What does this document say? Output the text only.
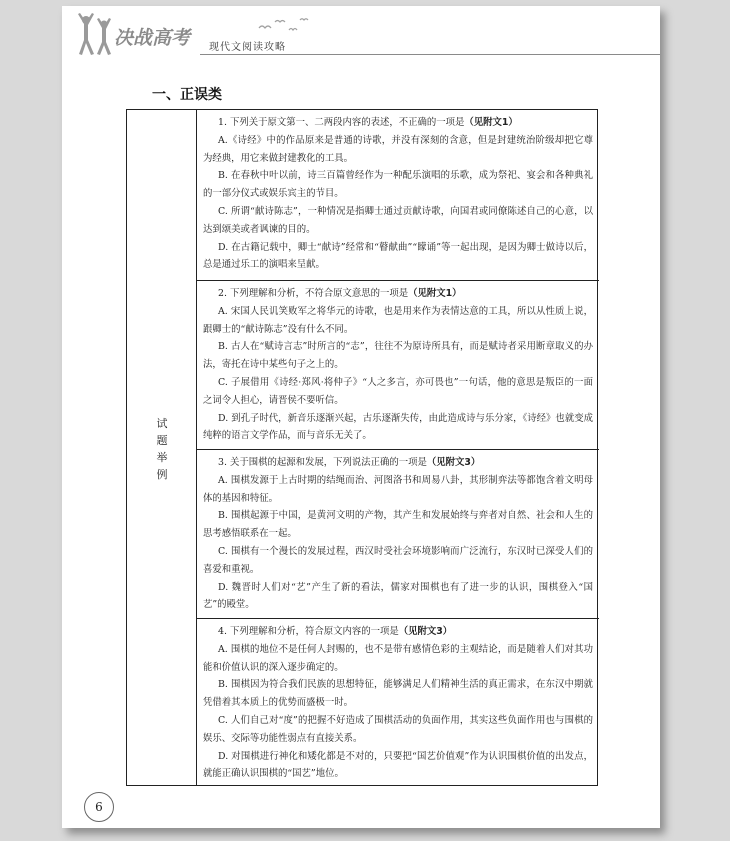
决战高考 现代文阅读攻略
一、正误类
试
题
举
例

1. 下列关于原文第一、二两段内容的表述，不正确的一项是（见附文1）

A.《诗经》中的作品原来是普通的诗歌，并没有深刻的含意，但是封建统治阶级却把它尊为经典，用它来做封建教化的工具。

B. 在春秋中叶以前，诗三百篇曾经作为一种配乐演唱的乐歌，成为祭祀、宴会和各种典礼的一部分仪式或娱乐宾主的节目。

C. 所谓“献诗陈志”，一种情况是指卿士通过贡献诗歌，向国君或同僚陈述自己的心意，以达到颂美或者讽谏的目的。

D. 在古籍记载中，卿士“献诗”经常和“瞽献曲”“矇诵”等一起出现，是因为卿士做诗以后，总是通过乐工的演唱来呈献。

2. 下列理解和分析，不符合原文意思的一项是（见附文1）

A. 宋国人民讥笑败军之将华元的诗歌，也是用来作为表情达意的工具，所以从性质上说，跟卿士的“献诗陈志”没有什么不同。

B. 古人在“赋诗言志”时所言的“志”，往往不为原诗所具有，而是赋诗者采用断章取义的办法，寄托在诗中某些句子之上的。

C. 子展借用《诗经·郑风·将仲子》“人之多言，亦可畏也”一句话，他的意思是叛臣的一面之词令人担心，请晋侯不要听信。

D. 到孔子时代，新音乐逐渐兴起，古乐逐渐失传，由此造成诗与乐分家，《诗经》也就变成纯粹的语言文学作品，而与音乐无关了。

3. 关于围棋的起源和发展，下列说法正确的一项是（见附文3）

A. 围棋发源于上古时期的结绳而治、河图洛书和周易八卦，其形制弈法等都饱含着文明母体的基因和特征。

B. 围棋起源于中国，是黄河文明的产物，其产生和发展始终与弈者对自然、社会和人生的思考感悟联系在一起。

C. 围棋有一个漫长的发展过程，西汉时受社会环境影响而广泛流行，东汉时已深受人们的喜爱和重视。

D. 魏晋时人们对“艺”产生了新的看法，儒家对围棋也有了进一步的认识，围棋登入“国艺”的殿堂。

4. 下列理解和分析，符合原文内容的一项是（见附文3）

A. 围棋的地位不是任何人封赐的，也不是带有感情色彩的主观结论，而是随着人们对其功能和价值认识的深入逐步确定的。

B. 围棋因为符合我们民族的思想特征，能够满足人们精神生活的真正需求，在东汉中期就凭借着其本质上的优势而盛极一时。

C. 人们自己对“度”的把握不好造成了围棋活动的负面作用，其实这些负面作用也与围棋的娱乐、交际等功能性弱点有直接关系。

D. 对围棋进行神化和矮化都是不对的，只要把“国艺价值观”作为认识围棋价值的出发点，就能正确认识围棋的“国艺”地位。

6
